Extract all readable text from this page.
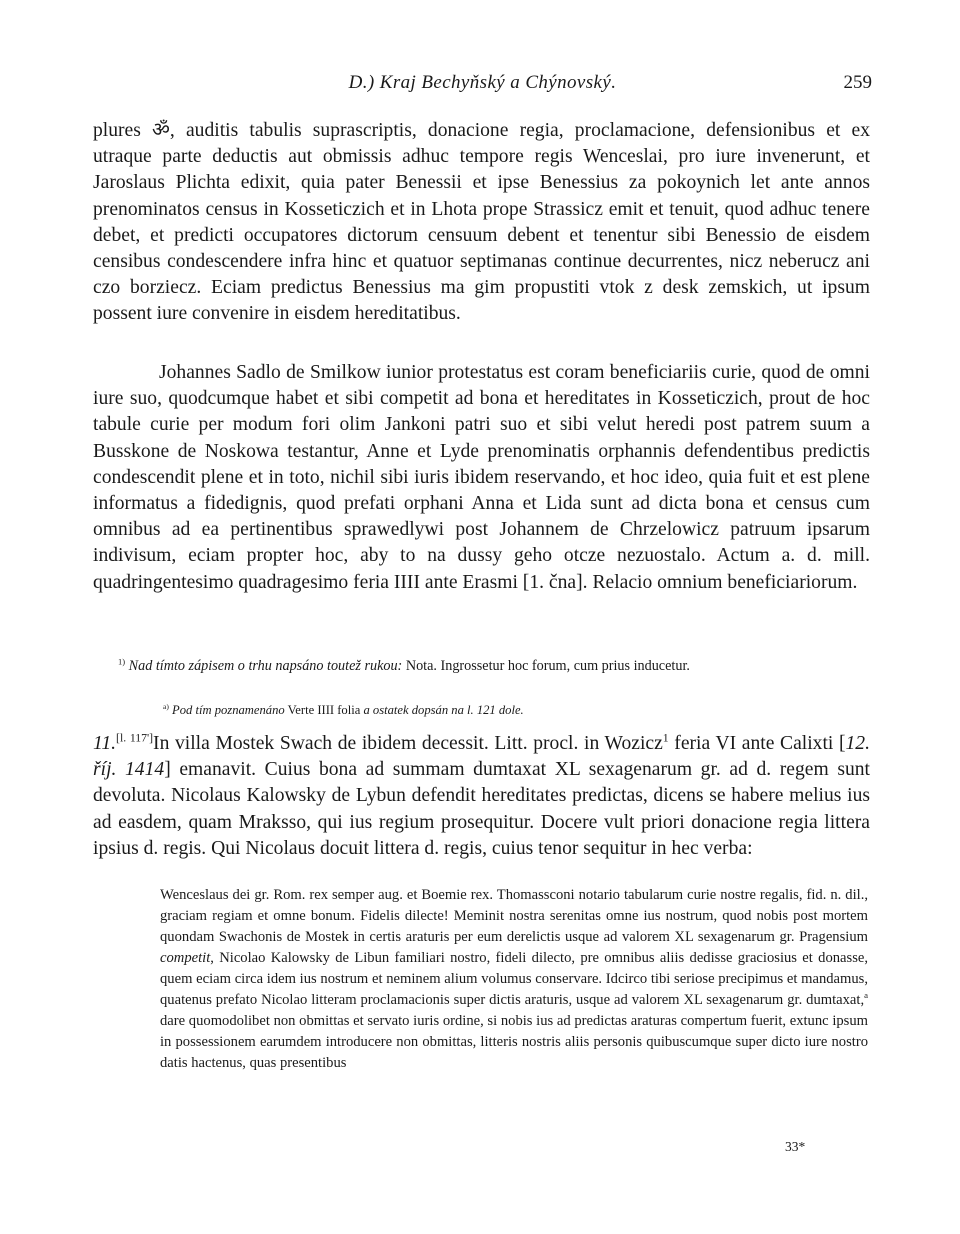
D.) Kraj Bechyňský a Chýnovský.	259

plures ॐ, auditis tabulis suprascriptis, donacione regia, proclamacione, defensionibus et ex utraque parte deductis aut obmissis adhuc tempore regis Wenceslai, pro iure invenerunt, et Jaroslaus Plichta edixit, quia pater Benessii et ipse Benessius za pokoynich let ante annos prenominatos census in Kosseticzich et in Lhota prope Strassicz emit et tenuit, quod adhuc tenere debet, et predicti occupatores dictorum censuum debent et tenentur sibi Benessio de eisdem censibus condescendere infra hinc et quatuor septimanas continue decurrentes, nicz neberucz ani czo borziecz. Eciam predictus Benessius ma gim propustiti vtok z desk zemskich, ut ipsum possent iure convenire in eisdem hereditatibus.

Johannes Sadlo de Smilkow iunior protestatus est coram beneficiariis curie, quod de omni iure suo, quodcumque habet et sibi competit ad bona et hereditates in Kosseticzich, prout de hoc tabule curie per modum fori olim Jankoni patri suo et sibi velut heredi post patrem suum a Busskone de Noskowa testantur, Anne et Lyde prenominatis orphannis defendentibus predictis condescendit plene et in toto, nichil sibi iuris ibidem reservando, et hoc ideo, quia fuit et est plene informatus a fidedignis, quod prefati orphani Anna et Lida sunt ad dicta bona et census cum omnibus ad ea pertinentibus sprawedlywi post Johannem de Chrzelowicz patruum ipsarum indivisum, eciam propter hoc, aby to na dussy geho otcze nezuostalo. Actum a. d. mill. quadringentesimo quadragesimo feria IIII ante Erasmi [1. čna]. Relacio omnium beneficiariorum.

$^{1)}$ Nad tímto zápisem o trhu napsáno toutež rukou: Nota. Ingrossetur hoc forum, cum prius inducetur.
$^{a)}$ Pod tím poznamenáno Verte IIII folia a ostatek dopsán na l. 121 dole.

11.[l. 117']In villa Mostek Swach de ibidem decessit. Litt. procl. in Wozicz$^1$ feria VI ante Calixti [12. říj. 1414] emanavit. Cuius bona ad summam dumtaxat XL sexagenarum gr. ad d. regem sunt devoluta. Nicolaus Kalowsky de Lybun defendit hereditates predictas, dicens se habere melius ius ad easdem, quam Mraksso, qui ius regium prosequitur. Docere vult priori donacione regia littera ipsius d. regis. Qui Nicolaus docuit littera d. regis, cuius tenor sequitur in hec verba:

Wenceslaus dei gr. Rom. rex semper aug. et Boemie rex. Thomassconi notario tabularum curie nostre regalis, fid. n. dil., graciam regiam et omne bonum. Fidelis dilecte! Meminit nostra serenitas omne ius nostrum, quod nobis post mortem quondam Swachonis de Mostek in certis araturis per eum derelictis usque ad valorem XL sexagenarum gr. Pragensium competit, Nicolao Kalowsky de Libun familiari nostro, fideli dilecto, pre omnibus aliis dedisse graciosius et donasse, quem eciam circa idem ius nostrum et neminem alium volumus conservare. Idcirco tibi seriose precipimus et mandamus, quatenus prefato Nicolao litteram proclamacionis super dictis araturis, usque ad valorem XL sexagenarum gr. dumtaxat,$^a$ dare quomodolibet non obmittas et servato iuris ordine, si nobis ius ad predictas araturas compertum fuerit, extunc ipsum in possessionem earumdem introducere non obmittas, litteris nostris aliis personis quibuscumque super dicto iure nostro datis hactenus, quas presentibus
33*
